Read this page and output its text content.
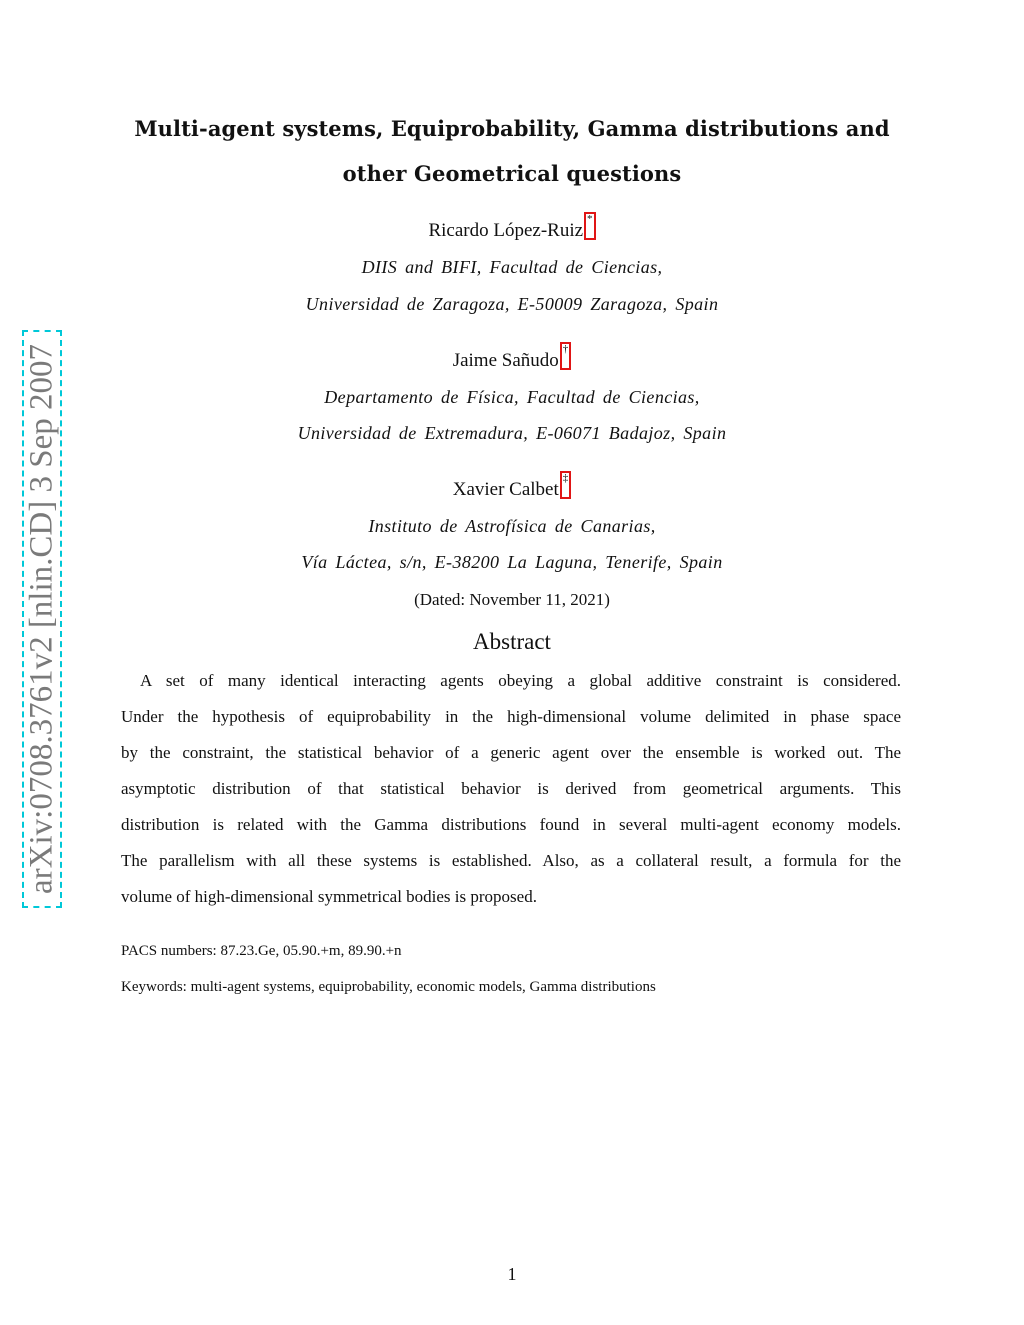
arXiv:0708.3761v2 [nlin.CD] 3 Sep 2007
Multi-agent systems, Equiprobability, Gamma distributions and
other Geometrical questions
Ricardo López-Ruiz*
DIIS and BIFI, Facultad de Ciencias,
Universidad de Zaragoza, E-50009 Zaragoza, Spain
Jaime Sañudo†
Departamento de Física, Facultad de Ciencias,
Universidad de Extremadura, E-06071 Badajoz, Spain
Xavier Calbet‡
Instituto de Astrofísica de Canarias,
Vía Láctea, s/n, E-38200 La Laguna, Tenerife, Spain
(Dated: November 11, 2021)
Abstract
A set of many identical interacting agents obeying a global additive constraint is considered.
Under the hypothesis of equiprobability in the high-dimensional volume delimited in phase space
by the constraint, the statistical behavior of a generic agent over the ensemble is worked out. The
asymptotic distribution of that statistical behavior is derived from geometrical arguments. This
distribution is related with the Gamma distributions found in several multi-agent economy models.
The parallelism with all these systems is established. Also, as a collateral result, a formula for the
volume of high-dimensional symmetrical bodies is proposed.
PACS numbers: 87.23.Ge, 05.90.+m, 89.90.+n
Keywords: multi-agent systems, equiprobability, economic models, Gamma distributions
1
